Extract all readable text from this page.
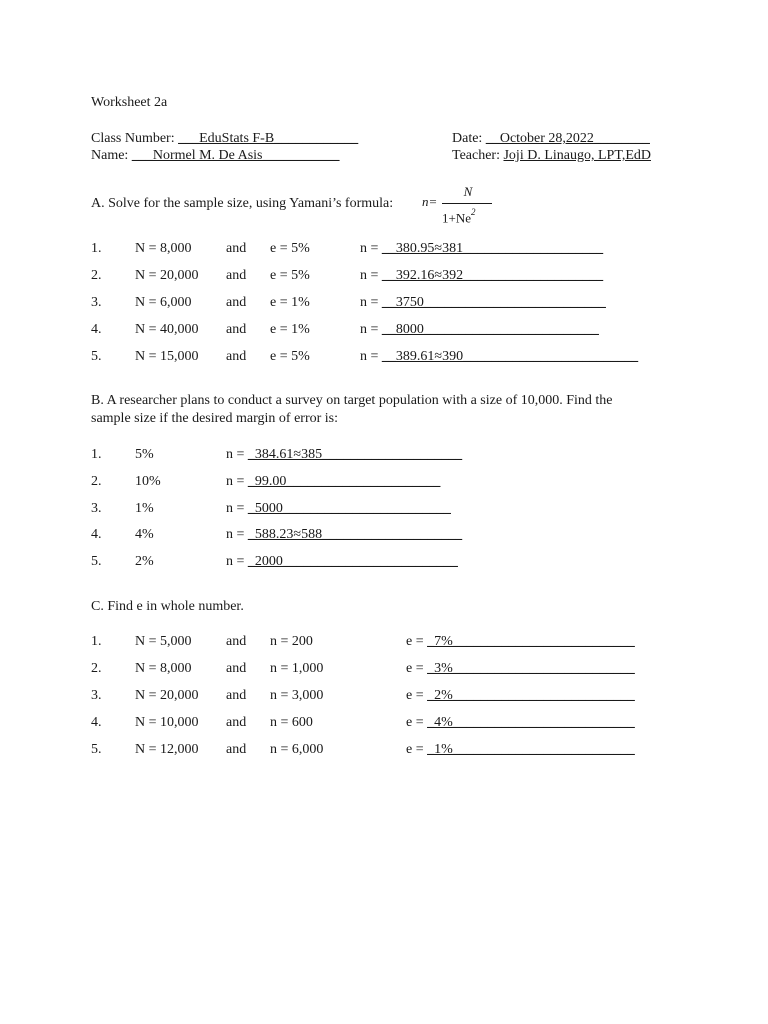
Worksheet 2a
Class Number: ___EduStats F-B____________	Date: __October 28,2022________
Name: ___Normel M. De Asis___________	Teacher: Joji D. Linaugo, LPT,EdD
A. Solve for the sample size, using Yamani’s formula: n=
N
$1+Ne^2$
1. N = 8,000 and e = 5%	n = __380.95≈381____________________
2. N = 20,000 and e = 5%	n = __392.16≈392____________________
3. N = 6,000 and e = 1%	n = __3750__________________________
4. N = 40,000 and e = 1%	n = __8000_________________________
5. N = 15,000 and e = 5%	n = __389.61≈390_________________________
B. A researcher plans to conduct a survey on target population with a size of 10,000. Find the
sample size if the desired margin of error is:
1. 5%	n = _384.61≈385____________________
2. 10%	n = _99.00______________________
3. 1%	n = _5000________________________
4. 4%	n = _588.23≈588____________________
5. 2%	n = _2000_________________________
C. Find e in whole number.
1. N = 5,000 and n = 200	e = _7%__________________________
2. N = 8,000 and n = 1,000	e = _3%__________________________
3. N = 20,000 and n = 3,000	e = _2%__________________________
4. N = 10,000 and n = 600	e = _4%__________________________
5. N = 12,000 and n = 6,000	e = _1%__________________________
